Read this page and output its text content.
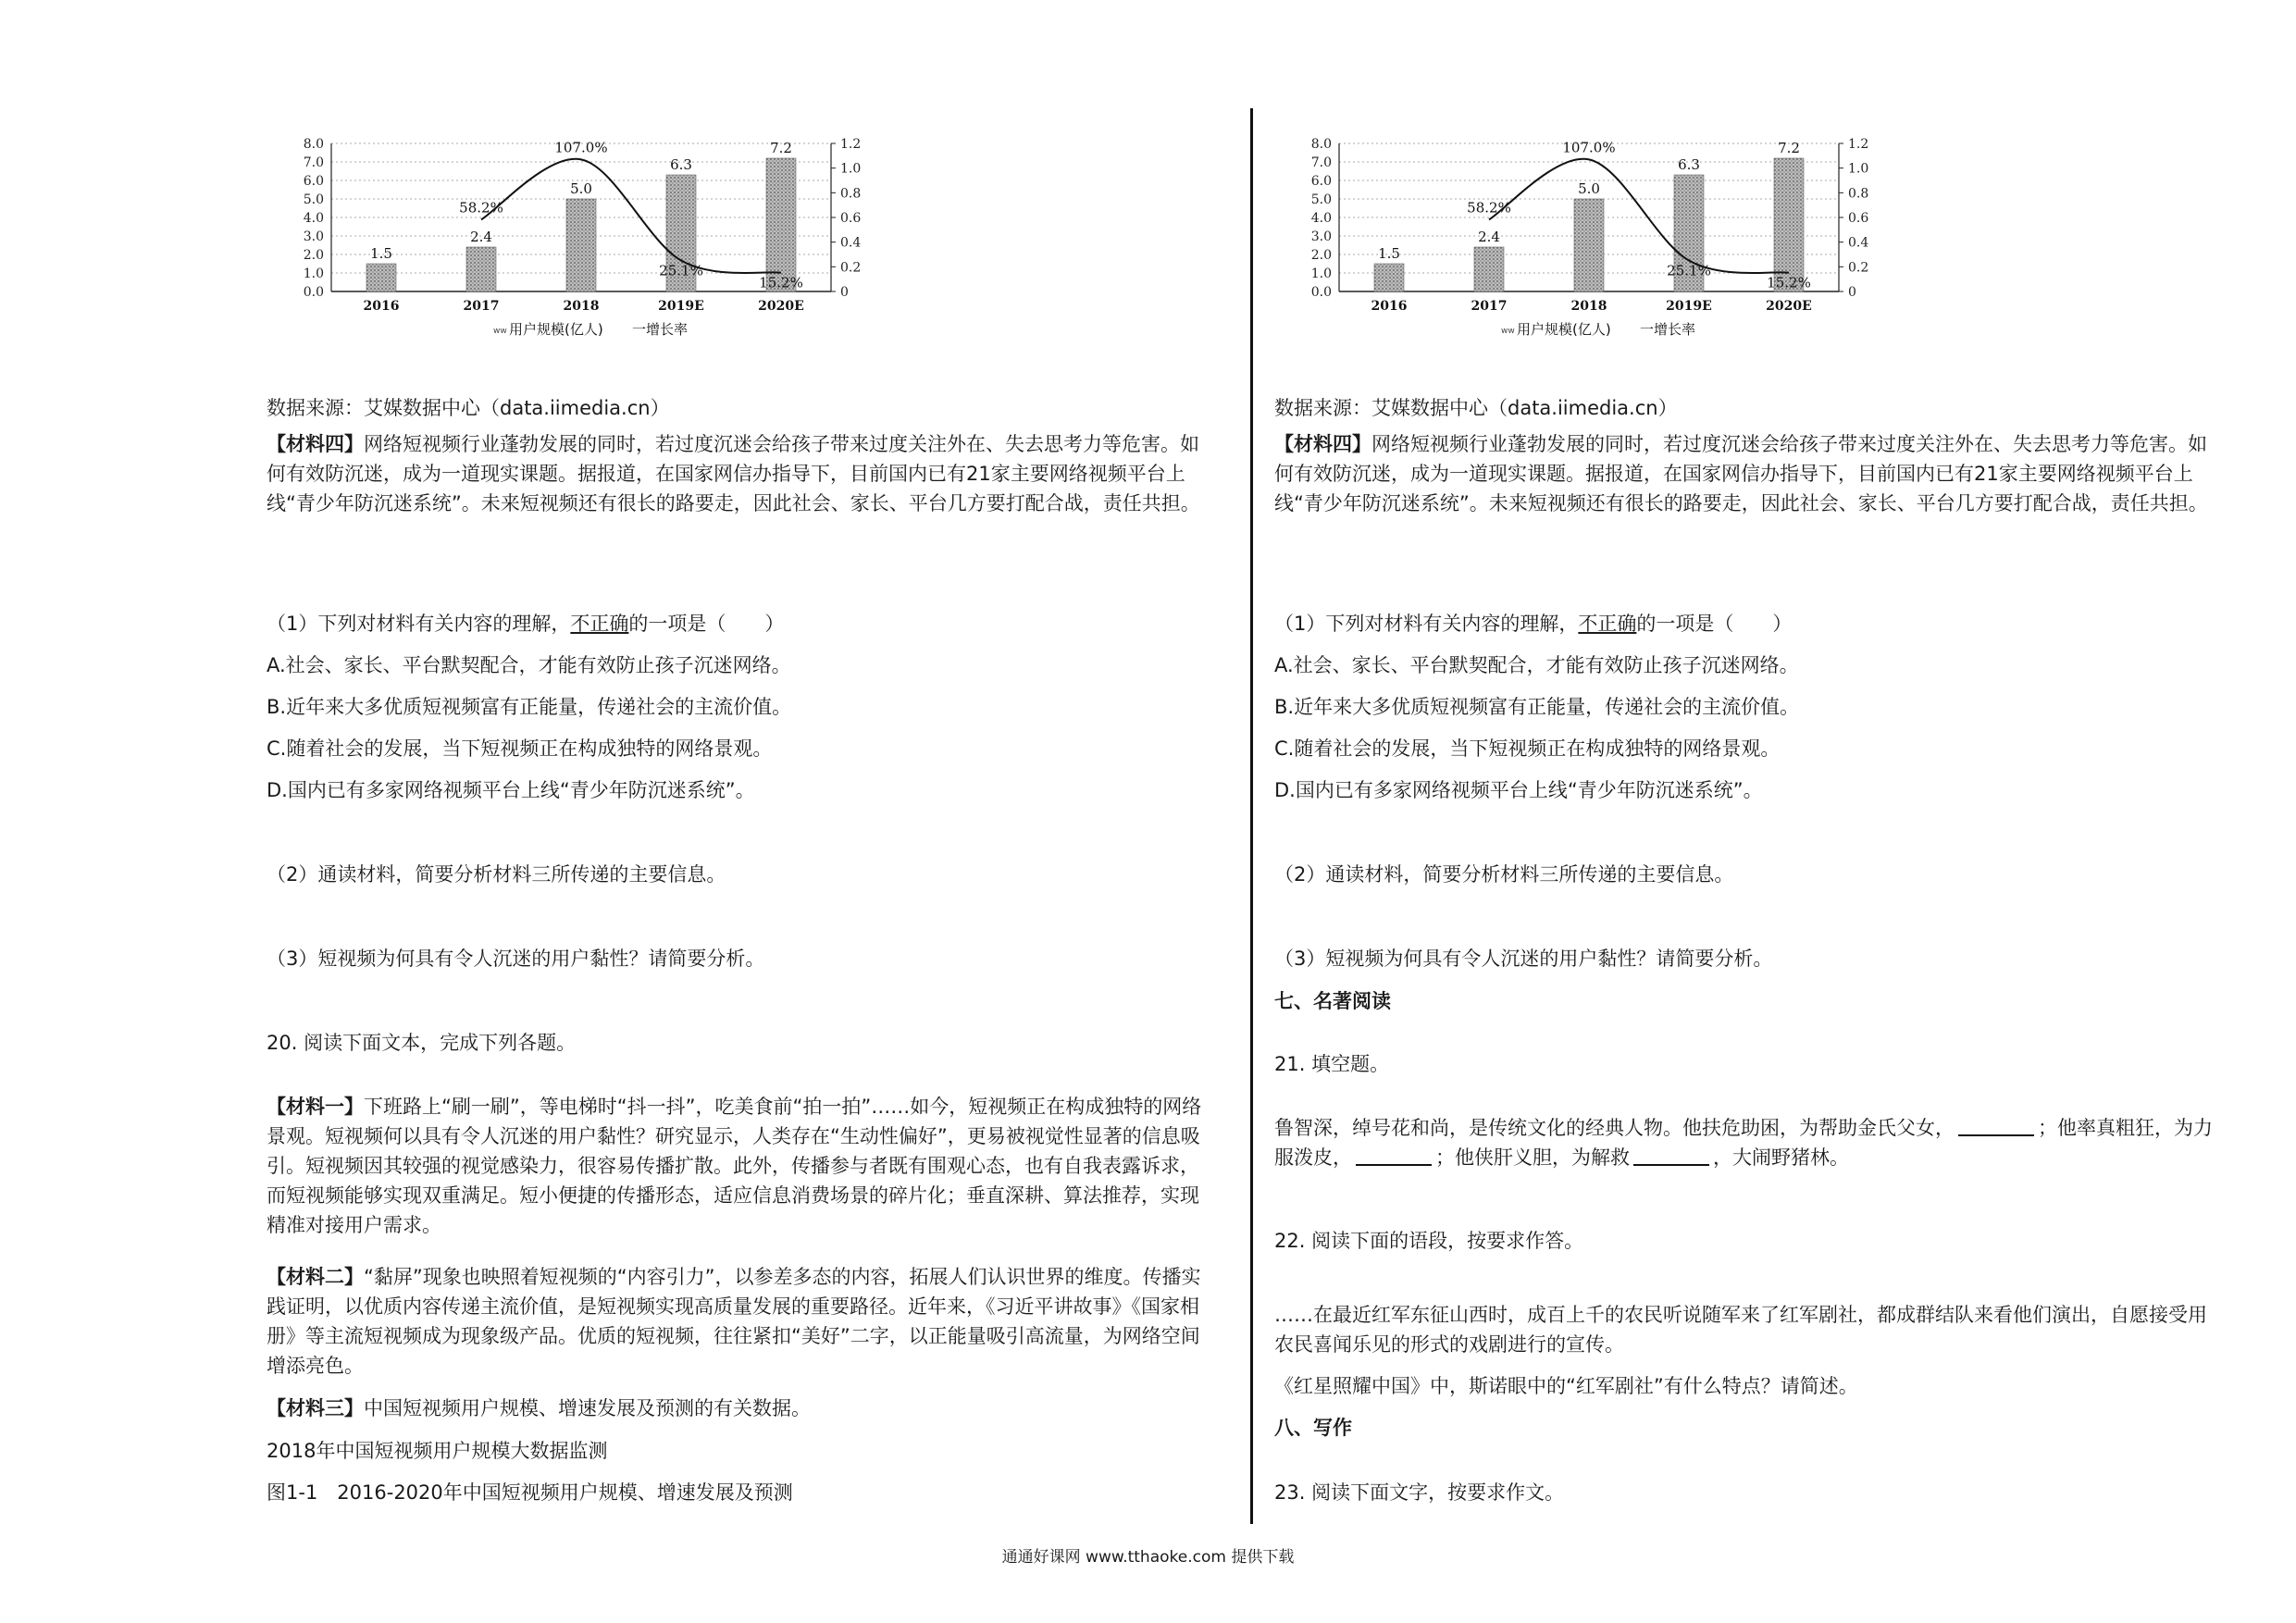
0.0
1.0
2.0
3.0
4.0
5.0
6.0
7.0
8.0
0
0.2
0.4
0.6
0.8
1.0
1.2
1.5
2016
2.4
2017
5.0
2018
6.3
2019E
7.2
2020E
58.2%
107.0%
25.1%
15.2%
ww 用户规模(亿人) 一增长率

数据来源：艾媒数据中心（data.iimedia.cn）

【材料四】网络短视频行业蓬勃发展的同时，若过度沉迷会给孩子带来过度关注外在、失去思考力等危害。如何有效防沉迷，成为一道现实课题。据报道，在国家网信办指导下，目前国内已有21家主要网络视频平台上线“青少年防沉迷系统”。未来短视频还有很长的路要走，因此社会、家长、平台几方要打配合战，责任共担。

（1）下列对材料有关内容的理解，不正确的一项是（　　）

A.社会、家长、平台默契配合，才能有效防止孩子沉迷网络。

B.近年来大多优质短视频富有正能量，传递社会的主流价值。

C.随着社会的发展，当下短视频正在构成独特的网络景观。

D.国内已有多家网络视频平台上线“青少年防沉迷系统”。

（2）通读材料，简要分析材料三所传递的主要信息。

（3）短视频为何具有令人沉迷的用户黏性？请简要分析。

20. 阅读下面文本，完成下列各题。

【材料一】下班路上“刷一刷”，等电梯时“抖一抖”，吃美食前“拍一拍”……如今，短视频正在构成独特的网络景观。短视频何以具有令人沉迷的用户黏性？研究显示，人类存在“生动性偏好”，更易被视觉性显著的信息吸引。短视频因其较强的视觉感染力，很容易传播扩散。此外，传播参与者既有围观心态，也有自我表露诉求，而短视频能够实现双重满足。短小便捷的传播形态，适应信息消费场景的碎片化；垂直深耕、算法推荐，实现精准对接用户需求。

【材料二】“黏屏”现象也映照着短视频的“内容引力”，以参差多态的内容，拓展人们认识世界的维度。传播实践证明，以优质内容传递主流价值，是短视频实现高质量发展的重要路径。近年来，《习近平讲故事》《国家相册》等主流短视频成为现象级产品。优质的短视频，往往紧扣“美好”二字，以正能量吸引高流量，为网络空间增添亮色。

【材料三】中国短视频用户规模、增速发展及预测的有关数据。

2018年中国短视频用户规模大数据监测

图1-1　2016-2020年中国短视频用户规模、增速发展及预测

0.0
1.0
2.0
3.0
4.0
5.0
6.0
7.0
8.0
0
0.2
0.4
0.6
0.8
1.0
1.2
1.5
2016
2.4
2017
5.0
2018
6.3
2019E
7.2
2020E
58.2%
107.0%
25.1%
15.2%
ww 用户规模(亿人) 一增长率

数据来源：艾媒数据中心（data.iimedia.cn）

【材料四】网络短视频行业蓬勃发展的同时，若过度沉迷会给孩子带来过度关注外在、失去思考力等危害。如何有效防沉迷，成为一道现实课题。据报道，在国家网信办指导下，目前国内已有21家主要网络视频平台上线“青少年防沉迷系统”。未来短视频还有很长的路要走，因此社会、家长、平台几方要打配合战，责任共担。

（1）下列对材料有关内容的理解，不正确的一项是（　　）

A.社会、家长、平台默契配合，才能有效防止孩子沉迷网络。

B.近年来大多优质短视频富有正能量，传递社会的主流价值。

C.随着社会的发展，当下短视频正在构成独特的网络景观。

D.国内已有多家网络视频平台上线“青少年防沉迷系统”。

（2）通读材料，简要分析材料三所传递的主要信息。

（3）短视频为何具有令人沉迷的用户黏性？请简要分析。

七、名著阅读

21. 填空题。

鲁智深，绰号花和尚，是传统文化的经典人物。他扶危助困，为帮助金氏父女，	；他率真粗狂，为力服泼皮，	；他侠肝义胆，为解救	，大闹野猪林。

22. 阅读下面的语段，按要求作答。

……在最近红军东征山西时，成百上千的农民听说随军来了红军剧社，都成群结队来看他们演出，自愿接受用农民喜闻乐见的形式的戏剧进行的宣传。

《红星照耀中国》中，斯诺眼中的“红军剧社”有什么特点？请简述。

八、写作

23. 阅读下面文字，按要求作文。

通通好课网 www.tthaoke.com 提供下载
